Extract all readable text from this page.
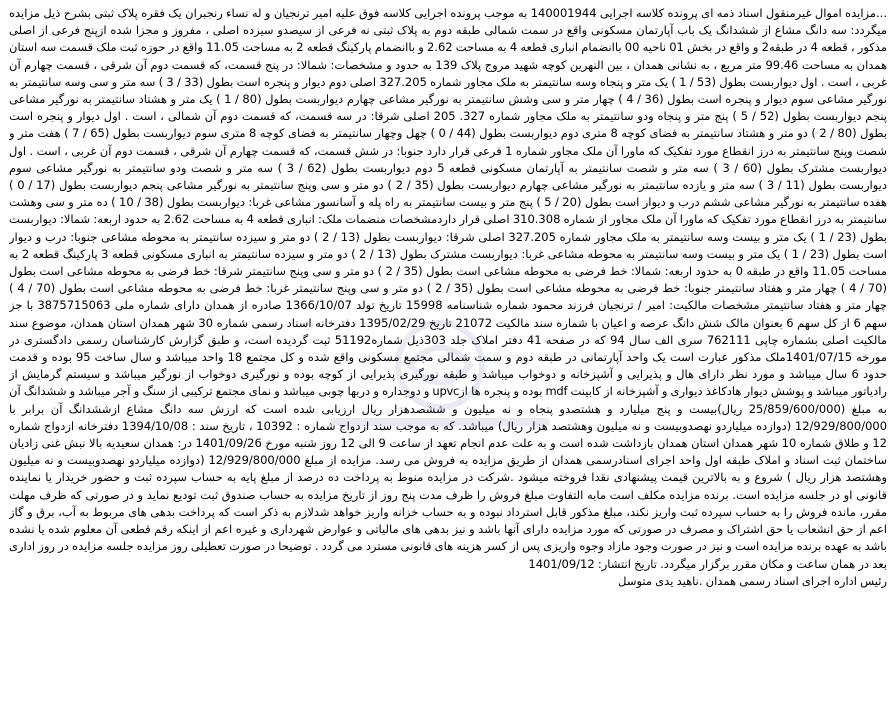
...مزایده اموال غیرمنقول اسناد ذمه ای پرونده کلاسه اجرایی 140001944 به موجب پرونده اجرایی کلاسه فوق علیه امیر ترنجیان و له نساء رنجبران یک فقره پلاک ثبتی بشرح ذیل مزایده میگردد: سه دانگ مشاع از ششدانگ یک باب آپارتمان مسکونی واقع در سمت شمالی طبقه دوم به پلاک ثبتی نه فرعی از سیصدو سیزده اصلی ، مفروز و مجزا شده ازپنج فرعی از اصلی مذکور ، قطعه 4 در طبقه2 و واقع در بخش 01 ناحیه 00 باانضمام انباری قطعه 4 به مساحت 2.62 و باانضمام پارکینگ قطعه 2 به مساحت 11.05 واقع در حوزه ثبت ملک قسمت سه استان همدان به مساحت 99.46 متر مربع ، به نشانی همدان ، بین النهرین کوچه شهید مروج پلاک 139 به حدود و مشخصات: شمالا: در پنج قسمت، که قسمت دوم آن شرقی ، قسمت چهارم آن غربی ، است . اول دیواربست بطول (53 / 1 ) یک متر و پنجاه وسه سانتیمتر به ملک مجاور شماره 327.205 اصلی دوم دیوار و پنجره است بطول (33 / 3 ) سه متر و سی وسه سانتیمتر به نورگیر مشاعی سوم دیوار و پنجره است بطول (36 / 4 ) چهار متر و سی وشش سانتیمتر به نورگیر مشاعی چهارم دیواربست بطول (80 / 1 ) یک متر و هشتاد سانتیمتر به نورگیر مشاعی پنجم دیواربست بطول (52 / 5 ) پنج متر و پنجاه ودو سانتیمتر به ملک مجاور شماره 327. 205 اصلی شرقا: در سه قسمت، که قسمت دوم آن شمالی ، است . اول دیوار و پنجره است بطول (80 / 2 ) دو متر و هشتاد سانتیمتر به فضای کوچه 8 متری دوم دیواربست بطول (44 / 0 ) چهل وچهار سانتیمتر به فضای کوچه 8 متری سوم دیواربست بطول (65 / 7 ) هفت متر و شصت وپنج سانتیمتر به درز انقطاع مورد تفکیک که ماورا آن ملک مجاور شماره 1 فرعی قرار دارد جنوبا: در شش قسمت، که قسمت چهارم آن شرقی ، قسمت دوم آن غربی ، است . اول دیواربست مشترک بطول (60 / 3 ) سه متر و شصت سانتیمتر به آپارتمان مسکونی قطعه 5 دوم دیواربست بطول (62 / 3 ) سه متر و شصت ودو سانتیمتر به نورگیر مشاعی سوم دیواربست بطول (11 / 3 ) سه متر و یازده سانتیمتر به نورگیر مشاعی چهارم دیواربست بطول (35 / 2 ) دو متر و سی وپنج سانتیمتر به نورگیر مشاعی پنجم دیواربست بطول (17 / 0 ) هفده سانتیمتر به نورگیر مشاعی ششم درب و دیوار است بطول (20 / 5 ) پنج متر و بیست سانتیمتر به راه پله و آسانسور مشاعی غربا: دیواربست بطول (38 / 10 ) ده متر و سی وهشت سانتیمتر به درز انقطاع مورد تفکیک که ماورا آن ملک مجاور از شماره 310.308 اصلی قرار داردمشخصات منضمات ملک: انباری قطعه 4 به مساحت 2.62 به حدود اربعه: شمالا: دیواربست بطول (23 / 1 ) یک متر و بیست وسه سانتیمتر به ملک مجاور شماره 327.205 اصلی شرقا: دیواربست بطول (13 / 2 ) دو متر و سیزده سانتیمتر به محوطه مشاعی جنوبا: درب و دیوار است بطول (23 / 1 ) یک متر و بیست وسه سانتیمتر به محوطه مشاعی غربا: دیواربست مشترک بطول (13 / 2 ) دو متر و سیزده سانتیمتر به انباری مسکونی قطعه 3 پارکینگ قطعه 2 به مساحت 11.05 واقع در طبقه 0 به حدود اربعه: شمالا: خط فرضی به محوطه مشاعی است بطول (35 / 2 ) دو متر و سی وپنج سانتیمتر شرقا: خط فرضی به محوطه مشاعی است بطول (70 / 4 ) چهار متر و هفتاد سانتیمتر جنوبا: خط فرضی به محوطه مشاعی است بطول (35 / 2 ) دو متر و سی وپنج سانتیمتر غربا: خط فرضی به محوطه مشاعی است بطول (70 / 4 ) چهار متر و هفتاد سانتیمتر مشخصات مالکیت: امیر / ترنجیان فرزند محمود شماره شناسنامه 15998 تاریخ تولد 1366/10/07 صادره از همدان دارای شماره ملی 3875715063 با جز سهم 6 از کل سهم 6 بعنوان مالک شش دانگ عرصه و اعیان با شماره سند مالکیت 21072 تاریخ 1395/02/29 دفترخانه اسناد رسمی شماره 30 شهر همدان استان همدان، موضوع سند مالکیت اصلی بشماره چاپی 762111 سری الف سال 94 که در صفحه 41 دفتر املاک جلد 303ذیل شماره51192 ثبت گردیده است، و طبق گزارش کارشناسان رسمی دادگستری در مورخه 1401/07/15ملک مذکور عبارت است یک واحد آپارتمانی در طبقه دوم و سمت شمالی مجتمع مسکونی واقع شده و کل مجتمع 18 واحد میباشد و سال ساخت 95 بوده و قدمت حدود 6 سال میباشد و مورد نظر دارای هال و پذیرایی و آشپزخانه و دوخواب میباشد و طبقه نورگیری پذیرایی از کوچه بوده و نورگیری دوخواب از نورگیر میباشد و سیستم گرمایش از رادیاتور میباشد و پوشش دیوار هادکاغذ دیواری و آشپزخانه از کابینت mdf بوده و پنجره ها ازupvc و دوجداره و دربها چوبی میباشد و نمای مجتمع ترکیبی از سنگ و آجر میباشد و ششدانگ آن به مبلغ (25/859/600/000 ریال)بیست و پنج میلیارد و هشتصدو پنجاه و نه میلیون و ششصدهزار ریال ارزیابی شده است که ارزش سه دانگ مشاع ازششدانگ آن برابر با 12/929/800/000 (دوازده میلیاردو نهصدوبیست و نه میلیون وهشتصد هزار ریال) میباشد. که به موجب سند ازدواج شماره : 10392 ، تاریخ سند : 1394/10/08 دفترخانه ازدواج شماره 12 و طلاق شماره 10 شهر همدان استان همدان بازداشت شده است و به علت عدم انجام تعهد از ساعت 9 الی 12 روز شنبه مورخ 1401/09/26 در: همدان سعیدیه بالا نبش غنی زادیان ساختمان ثبت اسناد و املاک طبقه اول واحد اجرای اسنادرسمی همدان از طریق مزایده به فروش می رسد. مزایده از مبلغ 12/929/800/000 (دوازده میلیاردو نهصدوبیست و نه میلیون وهشتصد هزار ریال ) شروع و به بالاترین قیمت پیشنهادی نقدا فروخته میشود .شرکت در مزایده منوط به پرداخت ده درصد از مبلغ پایه به حساب سپرده ثبت و حضور خریدار یا نماینده قانونی او در جلسه مزایده است. برنده مزایده مکلف است مابه التفاوت مبلغ فروش را ظرف مدت پنج روز از تاریخ مزایده به حساب صندوق ثبت تودیع نماید و در صورتی که ظرف مهلت مقرر، مانده فروش را به حساب سپرده ثبت واریز نکند، مبلغ مذکور قابل استرداد نبوده و به حساب خزانه واریز خواهد شدلازم به ذکر است که پرداخت بدهی های مربوط به آب، برق و گاز اعم از حق انشعاب یا حق اشتراک و مصرف در صورتی که مورد مزایده دارای آنها باشد و نیز بدهی های مالیاتی و عوارض شهرداری و غیره اعم از اینکه رقم قطعی آن معلوم شده یا نشده باشد به عهده برنده مزایده است و نیز در صورت وجود مازاد وجوه واریزی پس از کسر هزینه های قانونی مسترد می گردد . توضیحا در صورت تعطیلی روز مزایده جلسه مزایده در روز اداری بعد در همان ساعت و مکان مقرر برگزار میگردد. تاریخ انتشار: 1401/09/12

رئیس اداره اجرای اسناد رسمی همدان .ناهید یدی متوسل
